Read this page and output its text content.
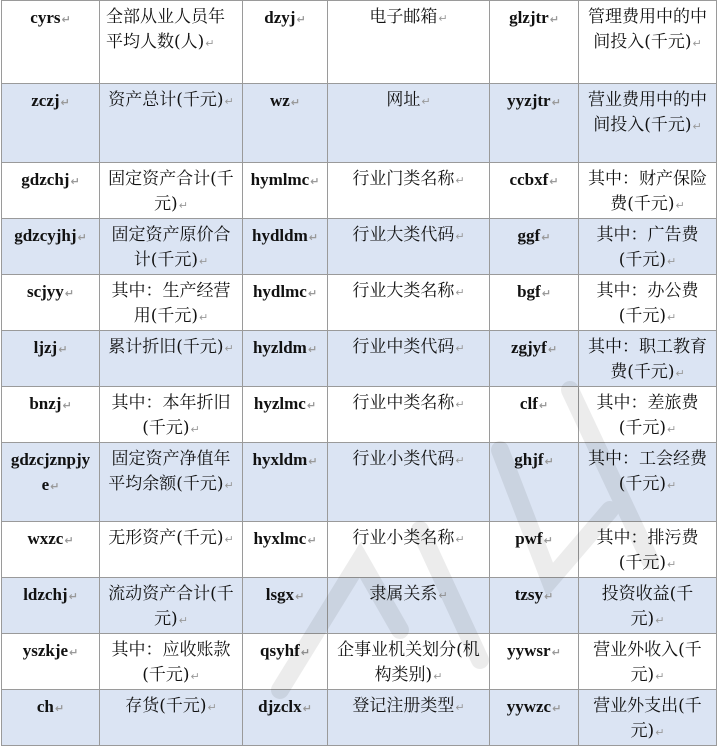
cyrs↵	全部从业人员年平均人数(人)↵	dzyj↵	电子邮箱↵	glzjtr↵	管理费用中的中间投入(千元)↵
zczj↵	资产总计(千元)↵	wz↵	网址↵	yyzjtr↵	营业费用中的中间投入(千元)↵
gdzchj↵	固定资产合计(千元)↵	hymlmc↵	行业门类名称↵	ccbxf↵	其中：财产保险费(千元)↵
gdzcyjhj↵	固定资产原价合计(千元)↵	hydldm↵	行业大类代码↵	ggf↵	其中：广告费(千元)↵
scjyy↵	其中：生产经营用(千元)↵	hydlmc↵	行业大类名称↵	bgf↵	其中：办公费(千元)↵
ljzj↵	累计折旧(千元)↵	hyzldm↵	行业中类代码↵	zgjyf↵	其中：职工教育费(千元)↵
bnzj↵	其中：本年折旧(千元)↵	hyzlmc↵	行业中类名称↵	clf↵	其中：差旅费(千元)↵
gdzcjznpjye↵	固定资产净值年平均余额(千元)↵	hyxldm↵	行业小类代码↵	ghjf↵	其中：工会经费(千元)↵
wxzc↵	无形资产(千元)↵	hyxlmc↵	行业小类名称↵	pwf↵	其中：排污费(千元)↵
ldzchj↵	流动资产合计(千元)↵	lsgx↵	隶属关系↵	tzsy↵	投资收益(千元)↵
yszkje↵	其中：应收账款(千元)↵	qsyhf↵	企事业机关划分(机构类别)↵	yywsr↵	营业外收入(千元)↵
ch↵	存货(千元)↵	djzclx↵	登记注册类型↵	yywzc↵	营业外支出(千元)↵
